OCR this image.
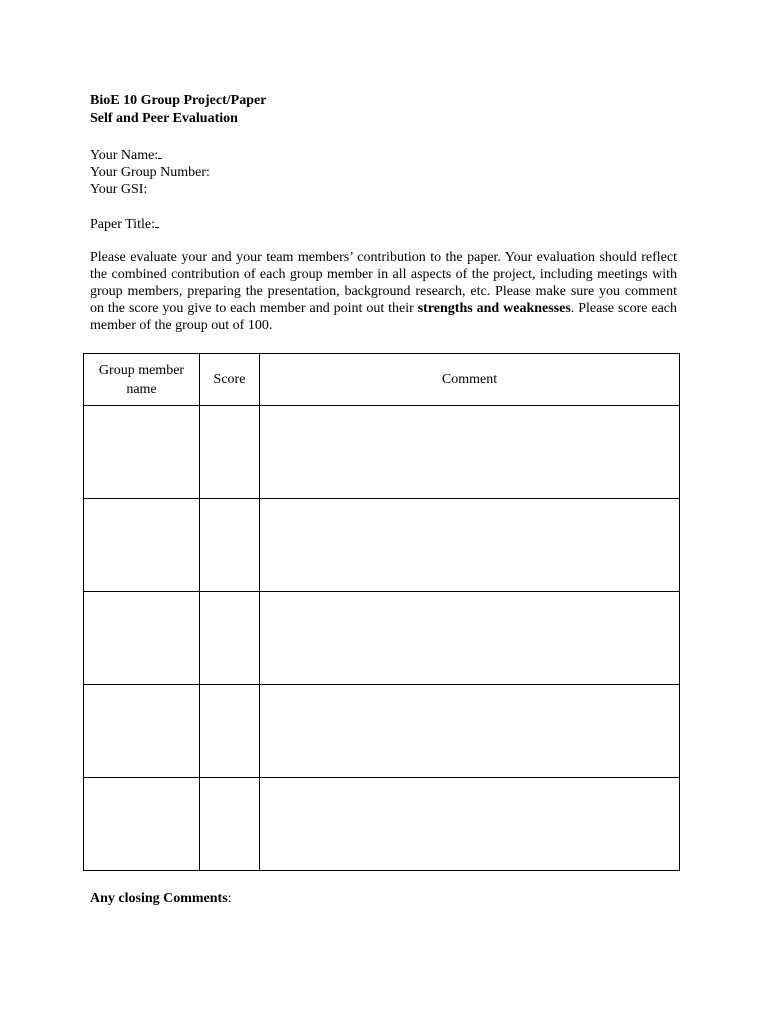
BioE 10 Group Project/Paper
Self and Peer Evaluation
Your Name:
Your Group Number:
Your GSI:
Paper Title:
Please evaluate your and your team members’ contribution to the paper. Your evaluation should reflect the combined contribution of each group member in all aspects of the project, including meetings with group members, preparing the presentation, background research, etc. Please make sure you comment on the score you give to each member and point out their strengths and weaknesses. Please score each member of the group out of 100.
Group member name	Score	Comment

Any closing Comments:
